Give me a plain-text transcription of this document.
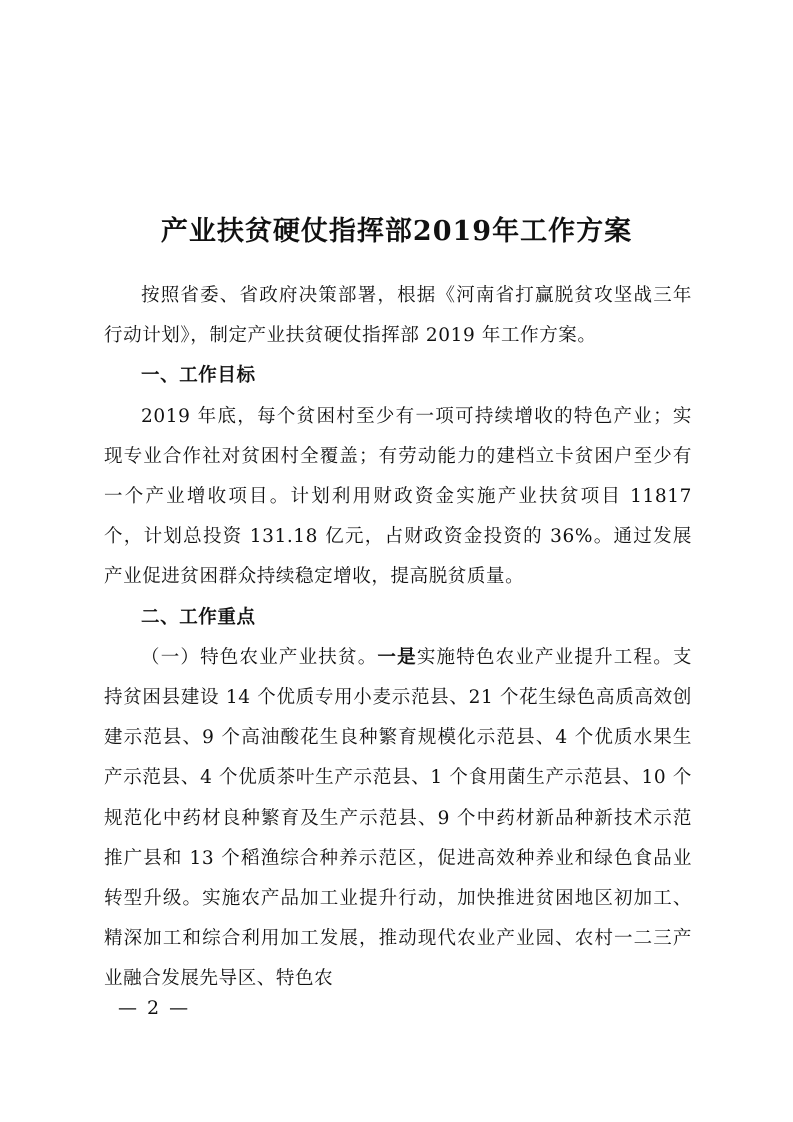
产业扶贫硬仗指挥部2019年工作方案

按照省委、省政府决策部署，根据《河南省打赢脱贫攻坚战三年行动计划》，制定产业扶贫硬仗指挥部 2019 年工作方案。

一、工作目标

2019 年底，每个贫困村至少有一项可持续增收的特色产业；实现专业合作社对贫困村全覆盖；有劳动能力的建档立卡贫困户至少有一个产业增收项目。计划利用财政资金实施产业扶贫项目 11817 个，计划总投资 131.18 亿元，占财政资金投资的 36%。通过发展产业促进贫困群众持续稳定增收，提高脱贫质量。

二、工作重点

（一）特色农业产业扶贫。一是实施特色农业产业提升工程。支持贫困县建设 14 个优质专用小麦示范县、21 个花生绿色高质高效创建示范县、9 个高油酸花生良种繁育规模化示范县、4 个优质水果生产示范县、4 个优质茶叶生产示范县、1 个食用菌生产示范县、10 个规范化中药材良种繁育及生产示范县、9 个中药材新品种新技术示范推广县和 13 个稻渔综合种养示范区，促进高效种养业和绿色食品业转型升级。实施农产品加工业提升行动，加快推进贫困地区初加工、精深加工和综合利用加工发展，推动现代农业产业园、农村一二三产业融合发展先导区、特色农

— 2 —
